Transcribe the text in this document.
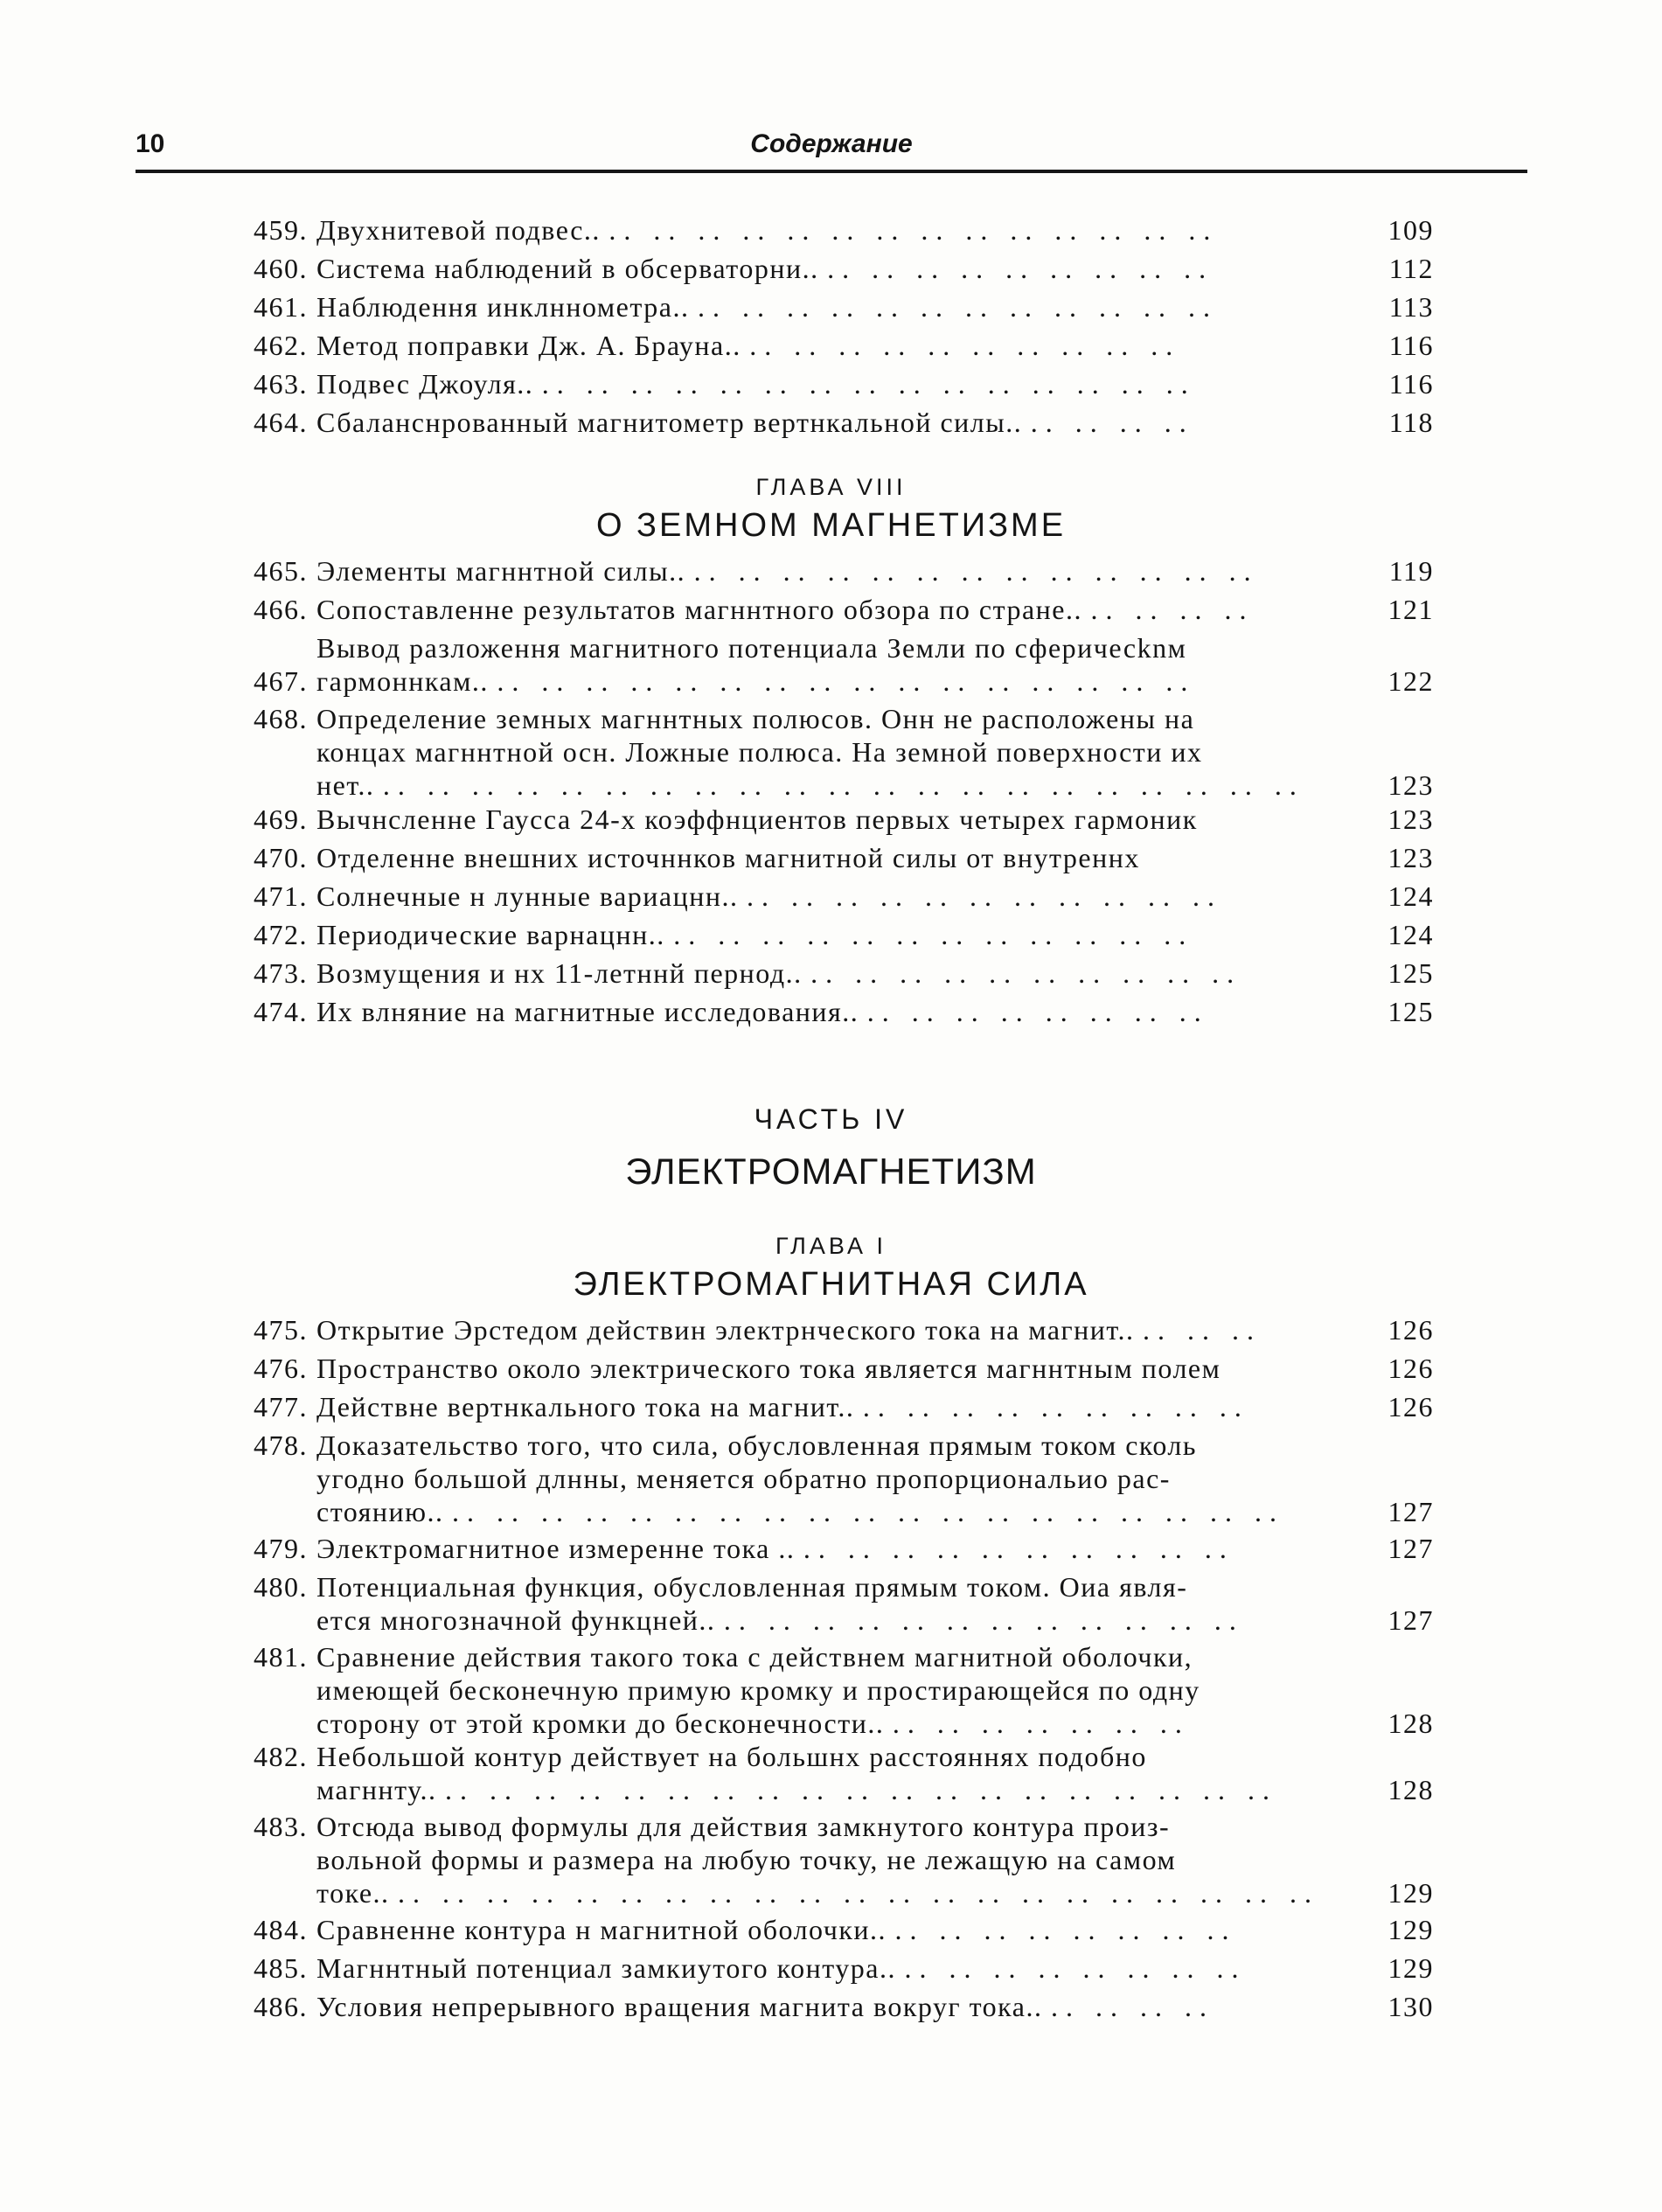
10	Содержание
459. Двухнитевой подвес.. .. .. .. .. .. .. .. .. .. .. .. .. .. ..	109
460. Система наблюдений в обсерваторни.. .. .. .. .. .. .. .. .. ..	112
461. Наблюдення инклнномeтра.. .. .. .. .. .. .. .. .. .. .. .. ..	113
462. Метод поправки Дж. А. Брауна.. .. .. .. .. .. .. .. .. .. ..	116
463. Подвес Джоуля.. .. .. .. .. .. .. .. .. .. .. .. .. .. .. ..	116
464. Сбаланснрованный магнитометр вертнкальной силы.. .. .. .. ..	118
ГЛАВА VIII
О ЗЕМНОМ МАГНЕТИЗМЕ
465. Элементы магннтной силы.. .. .. .. .. .. .. .. .. .. .. .. .. ..	119
466. Сопоставленне результатов магннтного обзора по стране.. .. .. .. ..	121
467.
Вывод разложення магнитного потенциала Земли по сферичесknм
гармоннкам.. .. .. .. .. .. .. .. .. .. .. .. .. .. .. .. ..	122
468. Определение земных магннтных полюсов. Онн не расположены на
концах магннтной осн. Ложные полюса. На земной поверхности их
нет.. .. .. .. .. .. .. .. .. .. .. .. .. .. .. .. .. .. .. .. .. ..	123
469. Вычнсленне Гаусса 24-х коэффнциентов первых четырех гармоник	123
470. Отделенне внешних источннков магнитной силы от внутреннх	123
471. Солнечные н лунные вариацнн.. .. .. .. .. .. .. .. .. .. .. ..	124
472. Периодические варнацнн.. .. .. .. .. .. .. .. .. .. .. .. ..	124
473. Возмущения и нх 11-летннй пернод.. .. .. .. .. .. .. .. .. .. ..	125
474. Их влняние на магнитные исследования.. .. .. .. .. .. .. .. ..	125
ЧАСТЬ IV
ЭЛЕКТРОМАГНЕТИЗМ
ГЛАВА I
ЭЛЕКТРОМАГНИТНАЯ СИЛА
475. Открытие Эрстедом действин электрнческого тока на магнит.. .. .. ..	126
476. Пространство около электрического тока является магннтным полем	126
477. Действне вертнкального тока на магнит.. .. .. .. .. .. .. .. .. ..	126
478. Доказательство того, что сила, обусловленная прямым током сколь
угодно большой длнны, меняется обратно пропорциональио рас-
стоянию.. .. .. .. .. .. .. .. .. .. .. .. .. .. .. .. .. .. .. ..	127
479. Электромагнитное измеренне тока .. .. .. .. .. .. .. .. .. .. ..	127
480. Потенциальная функция, обусловленная прямым током. Оиа явля-
ется многозначной функцней.. .. .. .. .. .. .. .. .. .. .. .. ..	127
481. Сравнение действия такого тока с действнем магнитной оболочки,
имеющей бесконечную примую кромку и простирающейся по одну
сторону от этой кромки до бесконечности.. .. .. .. .. .. .. ..	128
482. Небольшой контур действует на большнх расстояннях подобно
магннту.. .. .. .. .. .. .. .. .. .. .. .. .. .. .. .. .. .. .. ..	128
483. Отсюда вывод формулы для действия замкнутого контура произ-
вольной формы и размера на любую точку, не лежащую на самом
токе.. .. .. .. .. .. .. .. .. .. .. .. .. .. .. .. .. .. .. .. .. ..	129
484. Сравненне контура н магнитной оболочки.. .. .. .. .. .. .. .. ..	129
485. Магннтный потенциал замкиутого контура.. .. .. .. .. .. .. .. ..	129
486. Условия непрерывного вращения магнита вокруг тока.. .. .. .. ..	130
